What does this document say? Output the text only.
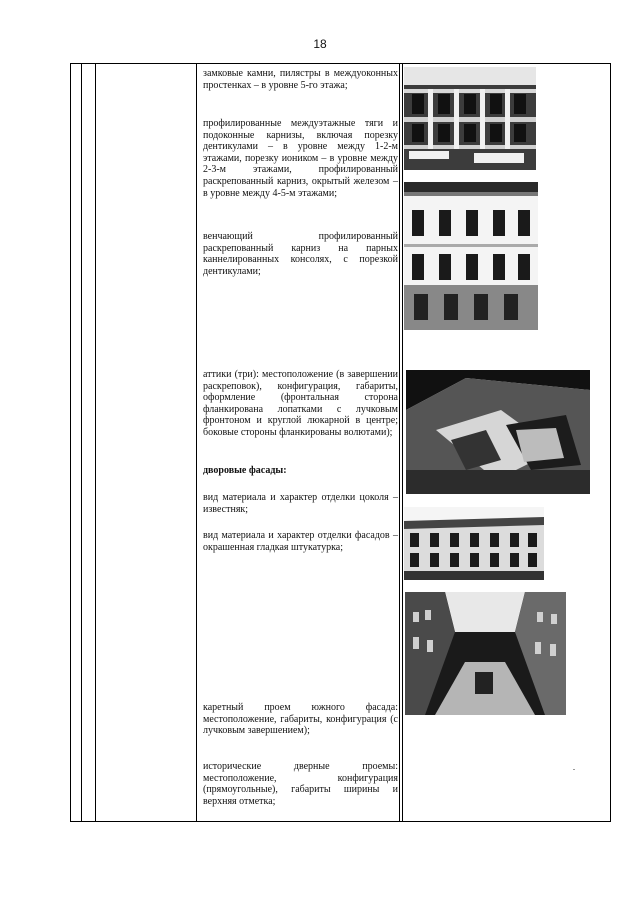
18
замковые камни, пилястры в междуоконных простенках – в уровне 5-го этажа;
профилированные междуэтажные тяги и подоконные карнизы, включая порезку дентикулами – в уровне между 1-2-м этажами, порезку иоником – в уровне между 2-3-м этажами, профилированный раскрепованный карниз, окрытый железом – в уровне между 4-5-м этажами;
венчающий профилированный раскрепованный карниз на парных каннелированных консолях, с порезкой дентикулами;
аттики (три): местоположение (в завершении раскреповок), конфигурация, габариты, оформление (фронтальная сторона фланкирована лопатками с лучковым фронтоном и круглой люкарной в центре; боковые стороны фланкированы волютами);
дворовые фасады:
вид материала и характер отделки цоколя – известняк;
вид материала и характер отделки фасадов – окрашенная гладкая штукатурка;
каретный проем южного фасада: местоположение, габариты, конфигурация (с лучковым завершением);
исторические дверные проемы: местоположение, конфигурация (прямоугольные), габариты ширины и верхняя отметка;
